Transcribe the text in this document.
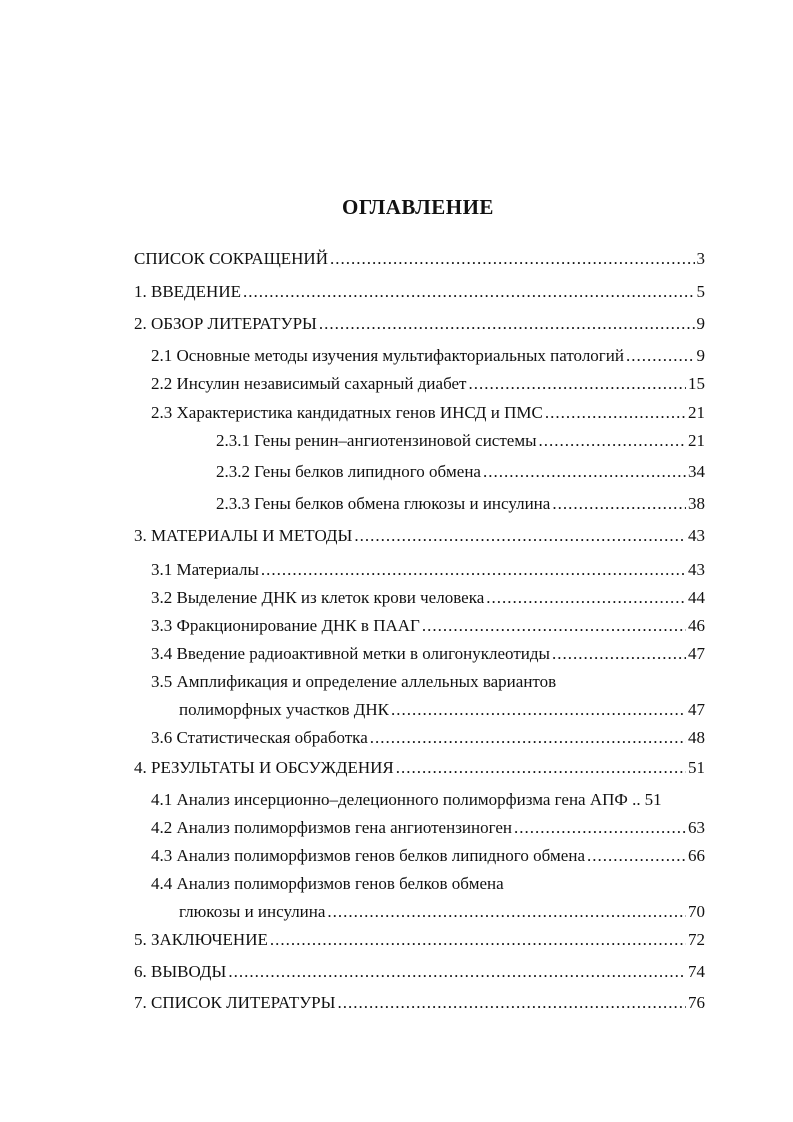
ОГЛАВЛЕНИЕ
СПИСОК СОКРАЩЕНИЙ .....	3
1. ВВЕДЕНИЕ .....	5
2. ОБЗОР ЛИТЕРАТУРЫ .....	9
2.1 Основные методы изучения мультифакториальных патологий .....	9
2.2 Инсулин независимый сахарный диабет .....	15
2.3 Характеристика кандидатных генов ИНСД и ПМС .....	21
2.3.1 Гены ренин–ангиотензиновой системы .....	21
2.3.2 Гены белков липидного обмена .....	34
2.3.3 Гены белков обмена глюкозы и инсулина .....	38
3. МАТЕРИАЛЫ И МЕТОДЫ .....	43
3.1 Материалы .....	43
3.2 Выделение ДНК из клеток крови человека .....	44
3.3 Фракционирование ДНК в ПААГ .....	46
3.4 Введение радиоактивной метки в олигонуклеотиды .....	47
3.5 Амплификация и определение аллельных вариантов
полиморфных участков ДНК .....	47
3.6 Статистическая обработка .....	48
4. РЕЗУЛЬТАТЫ И ОБСУЖДЕНИЯ .....	51
4.1 Анализ инсерционно–делеционного полиморфизма гена АПФ .. 51
4.2 Анализ полиморфизмов гена ангиотензиноген .....	63
4.3 Анализ полиморфизмов генов белков липидного обмена .....	66
4.4 Анализ полиморфизмов генов белков обмена
глюкозы и инсулина .....	70
5. ЗАКЛЮЧЕНИЕ .....	72
6. ВЫВОДЫ .....	74
7. СПИСОК ЛИТЕРАТУРЫ .....	76
